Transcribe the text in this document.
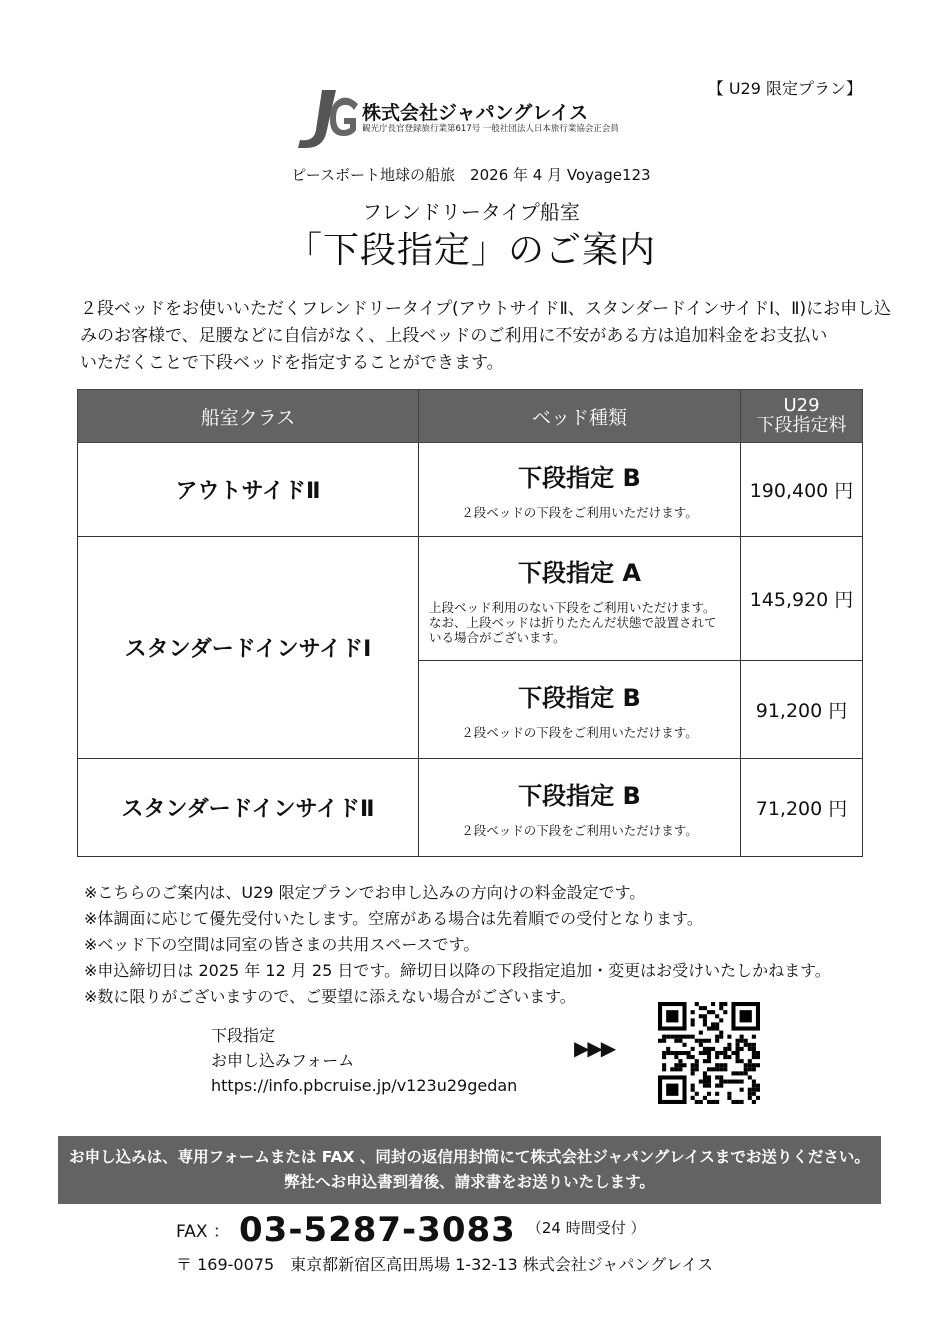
【 U29 限定プラン】
株式会社ジャパングレイス
観光庁長官登録旅行業第617号 一般社団法人日本旅行業協会正会員
ピースボート地球の船旅　2026 年 4 月 Voyage123
フレンドリータイプ船室
「下段指定」のご案内
２段ベッドをお使いいただくフレンドリータイプ(アウトサイドⅡ、スタンダードインサイドⅠ、Ⅱ)にお申し込
みのお客様で、足腰などに自信がなく、上段ベッドのご利用に不安がある方は追加料金をお支払い
いただくことで下段ベッドを指定することができます。
船室クラス	ベッド種類	U29
下段指定料

アウトサイドⅡ	下段指定 B
２段ベッドの下段をご利用いただけます。	190,400 円
スタンダードインサイドⅠ	下段指定 A
上段ベッド利用のない下段をご利用いただけます。
なお、上段ベッドは折りたたんだ状態で設置されて
いる場合がございます。	145,920 円

	下段指定 B
２段ベッドの下段をご利用いただけます。	91,200 円
スタンダードインサイドⅡ	下段指定 B
２段ベッドの下段をご利用いただけます。	71,200 円
※こちらのご案内は、U29 限定プランでお申し込みの方向けの料金設定です。
※体調面に応じて優先受付いたします。空席がある場合は先着順での受付となります。
※ベッド下の空間は同室の皆さまの共用スペースです。
※申込締切日は 2025 年 12 月 25 日です。締切日以降の下段指定追加・変更はお受けいたしかねます。
※数に限りがございますので、ご要望に添えない場合がございます。
下段指定
お申し込みフォーム
https://info.pbcruise.jp/v123u29gedan
▶▶▶
お申し込みは、専用フォームまたは FAX 、同封の返信用封筒にて株式会社ジャパングレイスまでお送りください。
弊社へお申込書到着後、請求書をお送りいたします。
FAX ： 03-5287-3083 （24 時間受付 ）
〒 169-0075　東京都新宿区高田馬場 1-32-13 株式会社ジャパングレイス
